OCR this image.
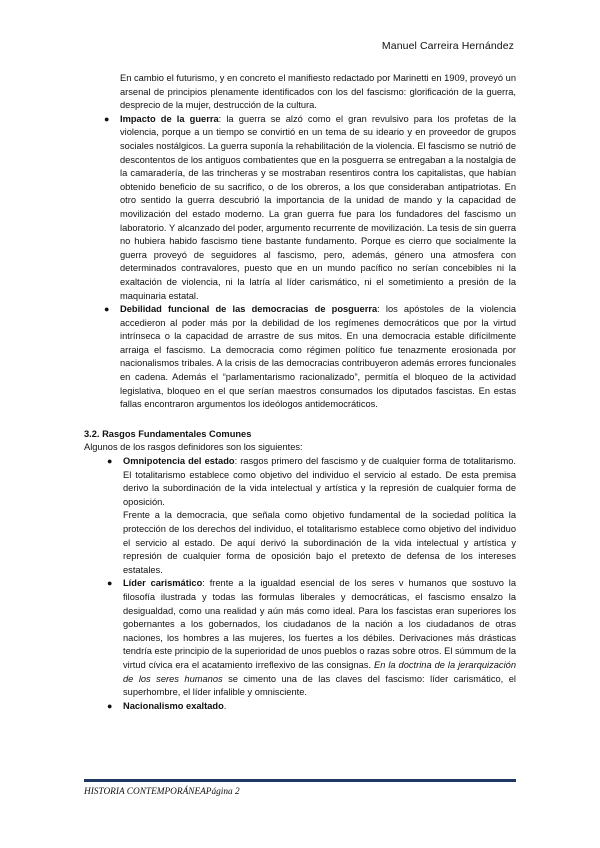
Manuel Carreira Hernández

En cambio el futurismo, y en concreto el manifiesto redactado por Marinetti en 1909, proveyó un arsenal de principios plenamente identificados con los del fascismo: glorificación de la guerra, desprecio de la mujer, destrucción de la cultura.

● Impacto de la guerra: la guerra se alzó como el gran revulsivo para los profetas de la violencia, porque a un tiempo se convirtió en un tema de su ideario y en proveedor de grupos sociales nostálgicos. La guerra suponía la rehabilitación de la violencia. El fascismo se nutrió de descontentos de los antiguos combatientes que en la posguerra se entregaban a la nostalgia de la camaradería, de las trincheras y se mostraban resentiros contra los capitalistas, que habían obtenido beneficio de su sacrifico, o de los obreros, a los que consideraban antipatriotas. En otro sentido la guerra descubrió la importancia de la unidad de mando y la capacidad de movilización del estado moderno. La gran guerra fue para los fundadores del fascismo un laboratorio. Y alcanzado del poder, argumento recurrente de movilización. La tesis de sin guerra no hubiera habido fascismo tiene bastante fundamento. Porque es cierro que socialmente la guerra proveyó de seguidores al fascismo, pero, además, género una atmosfera con determinados contravalores, puesto que en un mundo pacífico no serían concebibles ni la exaltación de violencia, ni la latría al líder carismático, ni el sometimiento a presión de la maquinaria estatal.

● Debilidad funcional de las democracias de posguerra: los apóstoles de la violencia accedieron al poder más por la debilidad de los regímenes democráticos que por la virtud intrínseca o la capacidad de arrastre de sus mitos. En una democracia estable difícilmente arraiga el fascismo. La democracia como régimen político fue tenazmente erosionada por nacionalismos tribales. A la crisis de las democracias contribuyeron además errores funcionales en cadena. Además el “parlamentarismo racionalizado”, permitía el bloqueo de la actividad legislativa, bloqueo en el que serían maestros consumados los diputados fascistas. En estas fallas encontraron argumentos los ideólogos antidemocráticos.

3.2. Rasgos Fundamentales Comunes

Algunos de los rasgos definidores son los siguientes:

● Omnipotencia del estado: rasgos primero del fascismo y de cualquier forma de totalitarismo. El totalitarismo establece como objetivo del individuo el servicio al estado. De esta premisa derivo la subordinación de la vida intelectual y artística y la represión de cualquier forma de oposición.

Frente a la democracia, que señala como objetivo fundamental de la sociedad política la protección de los derechos del individuo, el totalitarismo establece como objetivo del individuo el servicio al estado. De aquí derivó la subordinación de la vida intelectual y artística y represión de cualquier forma de oposición bajo el pretexto de defensa de los intereses estatales.

● Líder carismático: frente a la igualdad esencial de los seres v humanos que sostuvo la filosofía ilustrada y todas las formulas liberales y democráticas, el fascismo ensalzo la desigualdad, como una realidad y aún más como ideal. Para los fascistas eran superiores los gobernantes a los gobernados, los ciudadanos de la nación a los ciudadanos de otras naciones, los hombres a las mujeres, los fuertes a los débiles. Derivaciones más drásticas tendría este principio de la superioridad de unos pueblos o razas sobre otros. El súmmum de la virtud cívica era el acatamiento irreflexivo de las consignas. En la doctrina de la jerarquización de los seres humanos se cimento una de las claves del fascismo: líder carismático, el superhombre, el líder infalible y omnisciente.

● Nacionalismo exaltado.

HISTORIA CONTEMPORÁNEAPágina 2
